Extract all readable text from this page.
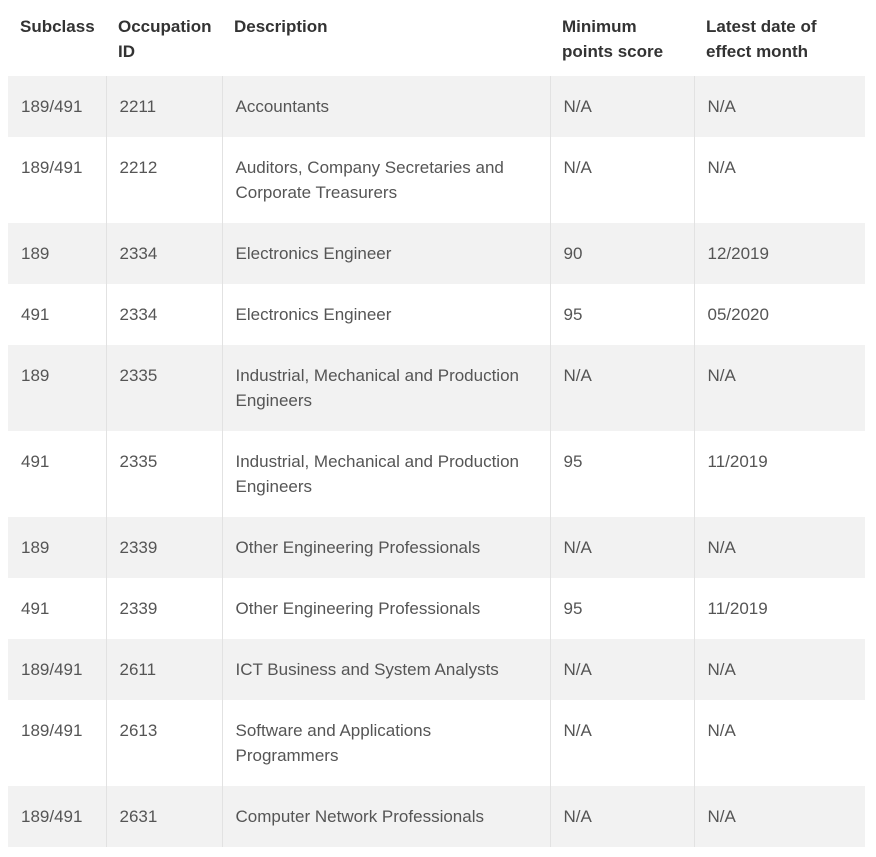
Subclass	Occupation ID	Description	Minimum points score	Latest date of effect month
189/491	2211	Accountants	N/A	N/A
189/491	2212	Auditors, Company Secretaries and Corporate Treasurers	N/A	N/A
189	2334	Electronics Engineer	90	12/2019
491	2334	Electronics Engineer	95	05/2020
189	2335	Industrial, Mechanical and Production Engineers	N/A	N/A
491	2335	Industrial, Mechanical and Production Engineers	95	11/2019
189	2339	Other Engineering Professionals	N/A	N/A
491	2339	Other Engineering Professionals	95	11/2019
189/491	2611	ICT Business and System Analysts	N/A	N/A
189/491	2613	Software and Applications Programmers	N/A	N/A
189/491	2631	Computer Network Professionals	N/A	N/A
